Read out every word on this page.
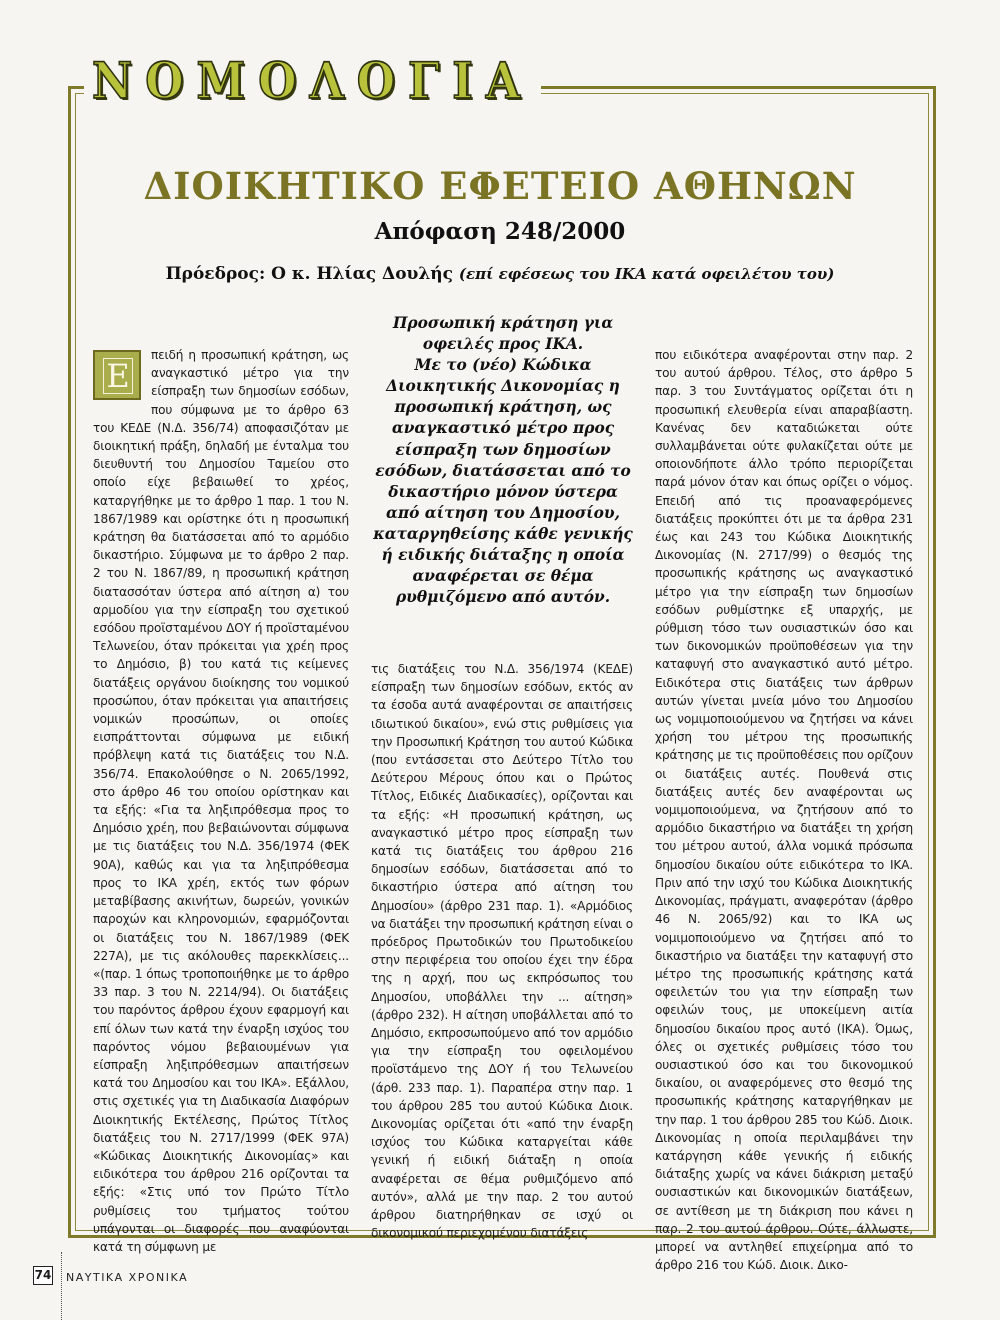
ΝΟΜΟΛΟΓΙΑ
ΔΙΟΙΚΗΤΙΚΟ ΕΦΕΤΕΙΟ ΑΘΗΝΩΝ
Απόφαση 248/2000
Πρόεδρος: Ο κ. Ηλίας Δουλής (επί εφέσεως του ΙΚΑ κατά οφειλέτου του)
Προσωπική κράτηση για οφειλές προς ΙΚΑ.
Με το (νέο) Κώδικα Διοικητικής Δικονομίας η προσωπική κράτηση, ως αναγκαστικό μέτρο προς είσπραξη των δημοσίων εσόδων, διατάσσεται από το δικαστήριο μόνον ύστερα από αίτηση του Δημοσίου, καταργηθείσης κάθε γενικής ή ειδικής διάταξης η οποία αναφέρεται σε θέμα ρυθμιζόμενο από αυτόν.
Ε

πειδή η προσωπική κράτηση, ως αναγκαστικό μέτρο για την είσπραξη των δημοσίων εσόδων, που σύμφωνα με το άρθρο 63 του ΚΕΔΕ (Ν.Δ. 356/74) αποφασιζόταν με διοικητική πράξη, δηλαδή με ένταλμα του διευθυντή του Δημοσίου Ταμείου στο οποίο είχε βεβαιωθεί το χρέος, καταργήθηκε με το άρθρο 1 παρ. 1 του Ν. 1867/1989 και ορίστηκε ότι η προσωπική κράτηση θα διατάσσεται από το αρμόδιο δικαστήριο. Σύμφωνα με το άρθρο 2 παρ. 2 του Ν. 1867/89, η προσωπική κράτηση διατασσόταν ύστερα από αίτηση α) του αρμοδίου για την είσπραξη του σχετικού εσόδου προϊσταμένου ΔΟΥ ή προϊσταμένου Τελωνείου, όταν πρόκειται για χρέη προς το Δημόσιο, β) του κατά τις κείμενες διατάξεις οργάνου διοίκησης του νομικού προσώπου, όταν πρόκειται για απαιτήσεις νομικών προσώπων, οι οποίες εισπράττονται σύμφωνα με ειδική πρόβλεψη κατά τις διατάξεις του Ν.Δ. 356/74. Επακολούθησε ο Ν. 2065/1992, στο άρθρο 46 του οποίου ορίστηκαν και τα εξής: «Για τα ληξιπρόθεσμα προς το Δημόσιο χρέη, που βεβαιώνονται σύμφωνα με τις διατάξεις του Ν.Δ. 356/1974 (ΦΕΚ 90Α), καθώς και για τα ληξιπρόθεσμα προς το ΙΚΑ χρέη, εκτός των φόρων μεταβίβασης ακινήτων, δωρεών, γονικών παροχών και κληρονομιών, εφαρμόζονται οι διατάξεις του Ν. 1867/1989 (ΦΕΚ 227Α), με τις ακόλουθες παρεκκλίσεις... «(παρ. 1 όπως τροποποιήθηκε με το άρθρο 33 παρ. 3 του Ν. 2214/94). Οι διατάξεις του παρόντος άρθρου έχουν εφαρμογή και επί όλων των κατά την έναρξη ισχύος του παρόντος νόμου βεβαιουμένων για είσπραξη ληξιπρόθεσμων απαιτήσεων κατά του Δημοσίου και του ΙΚΑ». Εξάλλου, στις σχετικές για τη Διαδικασία Διαφόρων Διοικητικής Εκτέλεσης, Πρώτος Τίτλος διατάξεις του Ν. 2717/1999 (ΦΕΚ 97Α) «Κώδικας Διοικητικής Δικονομίας» και ειδικότερα του άρθρου 216 ορίζονται τα εξής: «Στις υπό τον Πρώτο Τίτλο ρυθμίσεις του τμήματος τούτου υπάγονται οι διαφορές που αναφύονται κατά τη σύμφωνη με

τις διατάξεις του Ν.Δ. 356/1974 (ΚΕΔΕ) είσπραξη των δημοσίων εσόδων, εκτός αν τα έσοδα αυτά αναφέρονται σε απαιτήσεις ιδιωτικού δικαίου», ενώ στις ρυθμίσεις για την Προσωπική Κράτηση του αυτού Κώδικα (που εντάσσεται στο Δεύτερο Τίτλο του Δεύτερου Μέρους όπου και ο Πρώτος Τίτλος, Ειδικές Διαδικασίες), ορίζονται και τα εξής: «Η προσωπική κράτηση, ως αναγκαστικό μέτρο προς είσπραξη των κατά τις διατάξεις του άρθρου 216 δημοσίων εσόδων, διατάσσεται από το δικαστήριο ύστερα από αίτηση του Δημοσίου» (άρθρο 231 παρ. 1). «Αρμόδιος να διατάξει την προσωπική κράτηση είναι ο πρόεδρος Πρωτοδικών του Πρωτοδικείου στην περιφέρεια του οποίου έχει την έδρα της η αρχή, που ως εκπρόσωπος του Δημοσίου, υποβάλλει την ... αίτηση» (άρθρο 232). Η αίτηση υποβάλλεται από το Δημόσιο, εκπροσωπούμενο από τον αρμόδιο για την είσπραξη του οφειλομένου προϊστάμενο της ΔΟΥ ή του Τελωνείου (άρθ. 233 παρ. 1). Παραπέρα στην παρ. 1 του άρθρου 285 του αυτού Κώδικα Διοικ. Δικονομίας ορίζεται ότι «από την έναρξη ισχύος του Κώδικα καταργείται κάθε γενική ή ειδική διάταξη η οποία αναφέρεται σε θέμα ρυθμιζόμενο από αυτόν», αλλά με την παρ. 2 του αυτού άρθρου διατηρήθηκαν σε ισχύ οι δικονομικού περιεχομένου διατάξεις

που ειδικότερα αναφέρονται στην παρ. 2 του αυτού άρθρου. Τέλος, στο άρθρο 5 παρ. 3 του Συντάγματος ορίζεται ότι η προσωπική ελευθερία είναι απαραβίαστη. Κανένας δεν καταδιώκεται ούτε συλλαμβάνεται ούτε φυλακίζεται ούτε με οποιονδήποτε άλλο τρόπο περιορίζεται παρά μόνον όταν και όπως ορίζει ο νόμος. Επειδή από τις προαναφερόμενες διατάξεις προκύπτει ότι με τα άρθρα 231 έως και 243 του Κώδικα Διοικητικής Δικονομίας (Ν. 2717/99) ο θεσμός της προσωπικής κράτησης ως αναγκαστικό μέτρο για την είσπραξη των δημοσίων εσόδων ρυθμίστηκε εξ υπαρχής, με ρύθμιση τόσο των ουσιαστικών όσο και των δικονομικών προϋποθέσεων για την καταφυγή στο αναγκαστικό αυτό μέτρο. Ειδικότερα στις διατάξεις των άρθρων αυτών γίνεται μνεία μόνο του Δημοσίου ως νομιμοποιούμενου να ζητήσει να κάνει χρήση του μέτρου της προσωπικής κράτησης με τις προϋποθέσεις που ορίζουν οι διατάξεις αυτές. Πουθενά στις διατάξεις αυτές δεν αναφέρονται ως νομιμοποιούμενα, να ζητήσουν από το αρμόδιο δικαστήριο να διατάξει τη χρήση του μέτρου αυτού, άλλα νομικά πρόσωπα δημοσίου δικαίου ούτε ειδικότερα το ΙΚΑ. Πριν από την ισχύ του Κώδικα Διοικητικής Δικονομίας, πράγματι, αναφερόταν (άρθρο 46 Ν. 2065/92) και το ΙΚΑ ως νομιμοποιούμενο να ζητήσει από το δικαστήριο να διατάξει την καταφυγή στο μέτρο της προσωπικής κράτησης κατά οφειλετών του για την είσπραξη των οφειλών τους, με υποκείμενη αιτία δημοσίου δικαίου προς αυτό (ΙΚΑ). Όμως, όλες οι σχετικές ρυθμίσεις τόσο του ουσιαστικού όσο και του δικονομικού δικαίου, οι αναφερόμενες στο θεσμό της προσωπικής κράτησης καταργήθηκαν με την παρ. 1 του άρθρου 285 του Κώδ. Διοικ. Δικονομίας η οποία περιλαμβάνει την κατάργηση κάθε γενικής ή ειδικής διάταξης χωρίς να κάνει διάκριση μεταξύ ουσιαστικών και δικονομικών διατάξεων, σε αντίθεση με τη διάκριση που κάνει η παρ. 2 του αυτού άρθρου. Ούτε, άλλωστε, μπορεί να αντληθεί επιχείρημα από το άρθρο 216 του Κώδ. Διοικ. Δικο-

74 ΝΑΥΤΙΚΑ ΧΡΟΝΙΚΑ
